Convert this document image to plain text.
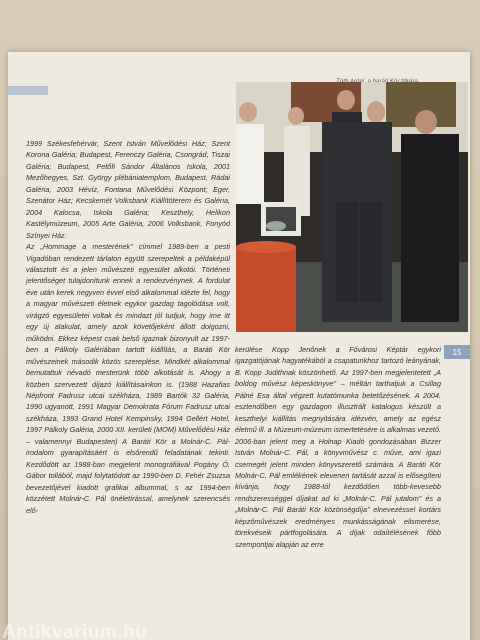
1999 Székesfehérvár, Szent István Művelődési Ház; Szent Korona Galéria; Budapest, Ferenczy Galéria, Csongrád, Tiszai Galéria; Budapest, Petőfi Sándor Általános Iskola, 2001 Mezőhegyes, Szt. György plébániatemplom, Budapest, Rádai Galéria, 2003 Hévíz, Fontana Művelődési Központ; Eger, Szenátor Ház; Kecskemét Volksbank Kiállítóterem és Galéria, 2004 Kalocsa, Iskola Galéria; Keszthely, Helikon Kastélymúzeum, 2005 Arte Galéria, 2006 Volksbank, Fonyód Színyei Ház.

Az „Hommage a mesterének" címmel 1989-ben a pesti Vigadóban rendezett tárlaton együtt szerepeltek a példaképül választott és a jelen művészeti egyesület alkotói. Történeti jelentőséget tulajdonítunk ennek a rendezvénynek. A fordulat éve után kerek negyven évvel első alkalommal idézte fel, hogy a magyar művészeti életnek egykor gazdag tagolódása volt, virágzó egyesületei voltak és mindazt jól tudjuk, hogy ime itt egy új alakulat, amely azok követőjeként állott dolgozni, működni. Ekkez képest csak belső igaznak bizonyult az 1997-ben a Pálkoly Galériában tartott kiállítás, a Baráti Kör művészeinek második közös szereplése. Mindkét alkalommal bemutattuk névadó mesterünk több alkotását is. Ahogy a közben szervezett díjazó kiállításainkon is. (1988 Hazafias Népfront Fadrusz utcai székháza, 1989 Bartók 32 Galéria, 1990 ugyanott, 1991 Magyar Demokrata Fórum Fadrusz utcai székháza, 1993 Grand Hotel Kempinsky, 1994 Gellért Hotel, 1997 Pálkoly Galéria, 2000 XII. kerületi (MOM) Művelődési Ház – valamennyi Budapesten) A Baráti Kör a Molnár-C. Pál-irodalom gyarapításáért is elsőrendű feladatának tekinti. Kezdődött az 1988-ban megjelent monográfiával Pogány Ö. Gábor tollából, majd folytatódott az 1990-ben D. Fehér Zsuzsa bevezetőjével kiadott grafikai albummal, s az 1994-ben közzétett Molnár-C. Pál önéletírással, amelynek szerencsés elő-

kerülése Kopp Jenőnek a Fővárosi Képtár egykori igazgatójának hagyatékából a csapatunkhoz tartozó leányának, B. Kopp Judithnak köszönhető. Az 1997-ben megjelentetett „A boldog művész képeskönyve" – méltán tarthatjuk a Csillag Pálné Esa által végzett kutatómunka betetőzésének. A 2004. esztendőben egy gazdagon illusztrált katalogus készült a keszthelyi kiállítás megnyitására idézvén, amely az egész életmű ill. a Múzeum-múzeum ismertetésére is alkalmas vezető. 2006-ban jelent meg a Holnap Kiadó gondozásában Bizzer István Molnár-C. Pál, a könyvművész c. műve, ami igazi csemegét jelent minden könyvszerető számára. A Baráti Kör Molnár-C. Pál emlékének elevenen tartását azzal is elősegíteni kívánja, hogy 1988-tól kezdődően több-kevesebb rendszerességgel díjakat ad ki „Molnár-C. Pál jutalom" és a „Molnár-C. Pál Baráti Kör közönségdíja" elnevezéssel kortárs képzőművészek eredményes munkásságának elismerése, törekvéseik pártfogolására. A díjak odaítélésének főbb szempontjai alapján az erre

15
Antikvarium.hu
